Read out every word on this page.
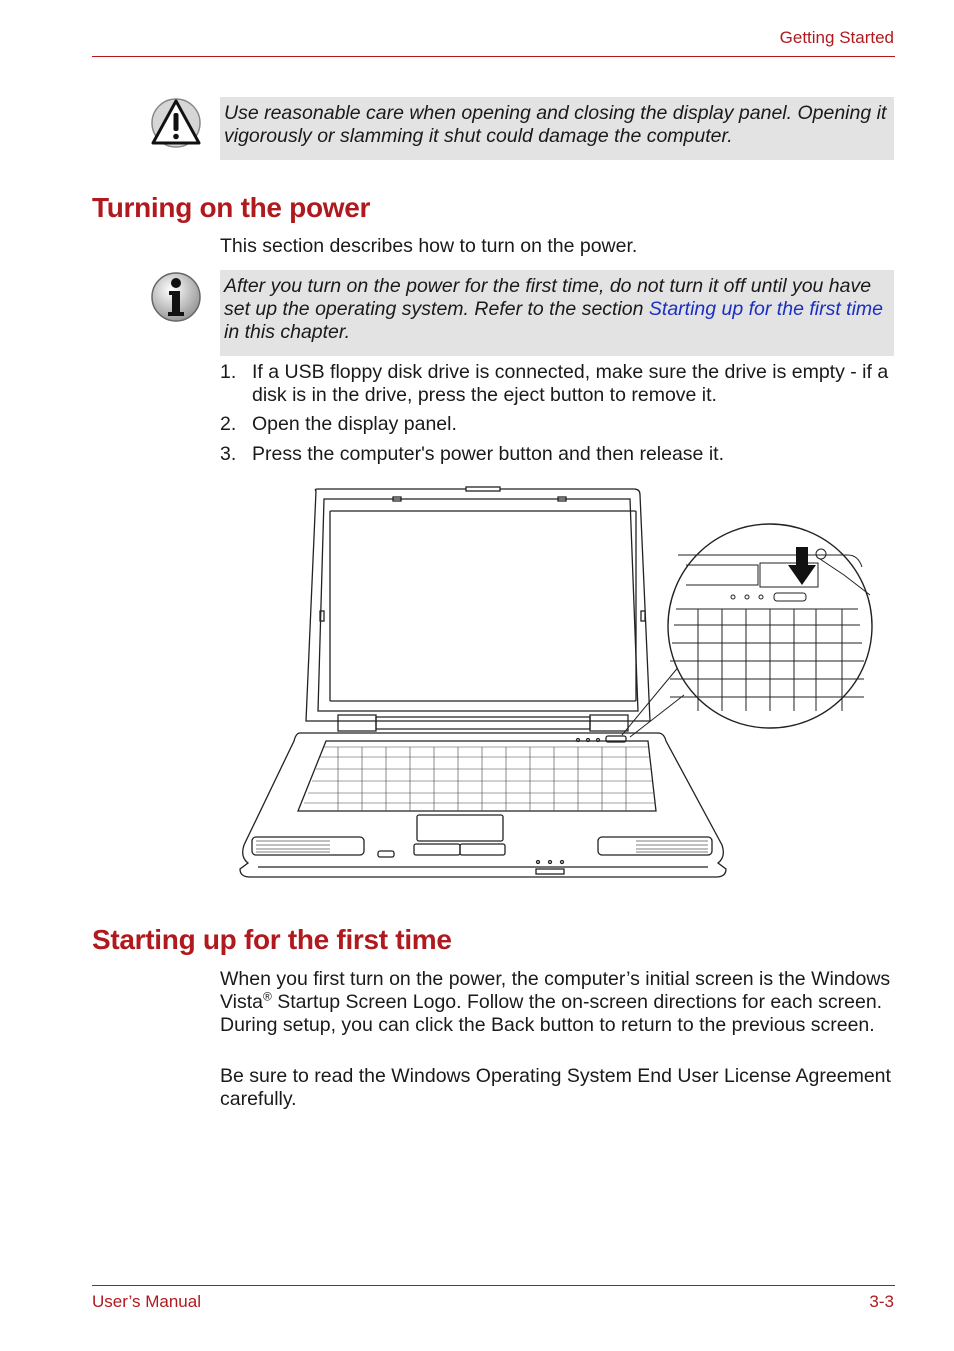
Getting Started
Use reasonable care when opening and closing the display panel. Opening it vigorously or slamming it shut could damage the computer.
Turning on the power

This section describes how to turn on the power.

After you turn on the power for the first time, do not turn it off until you have set up the operating system. Refer to the section Starting up for the first time in this chapter.
1. If a USB floppy disk drive is connected, make sure the drive is empty - if a disk is in the drive, press the eject button to remove it.
2. Open the display panel.
3. Press the computer's power button and then release it.
Starting up for the first time

When you first turn on the power, the computer’s initial screen is the Windows Vista® Startup Screen Logo. Follow the on-screen directions for each screen. During setup, you can click the Back button to return to the previous screen.

Be sure to read the Windows Operating System End User License Agreement carefully.

User’s Manual	3-3
